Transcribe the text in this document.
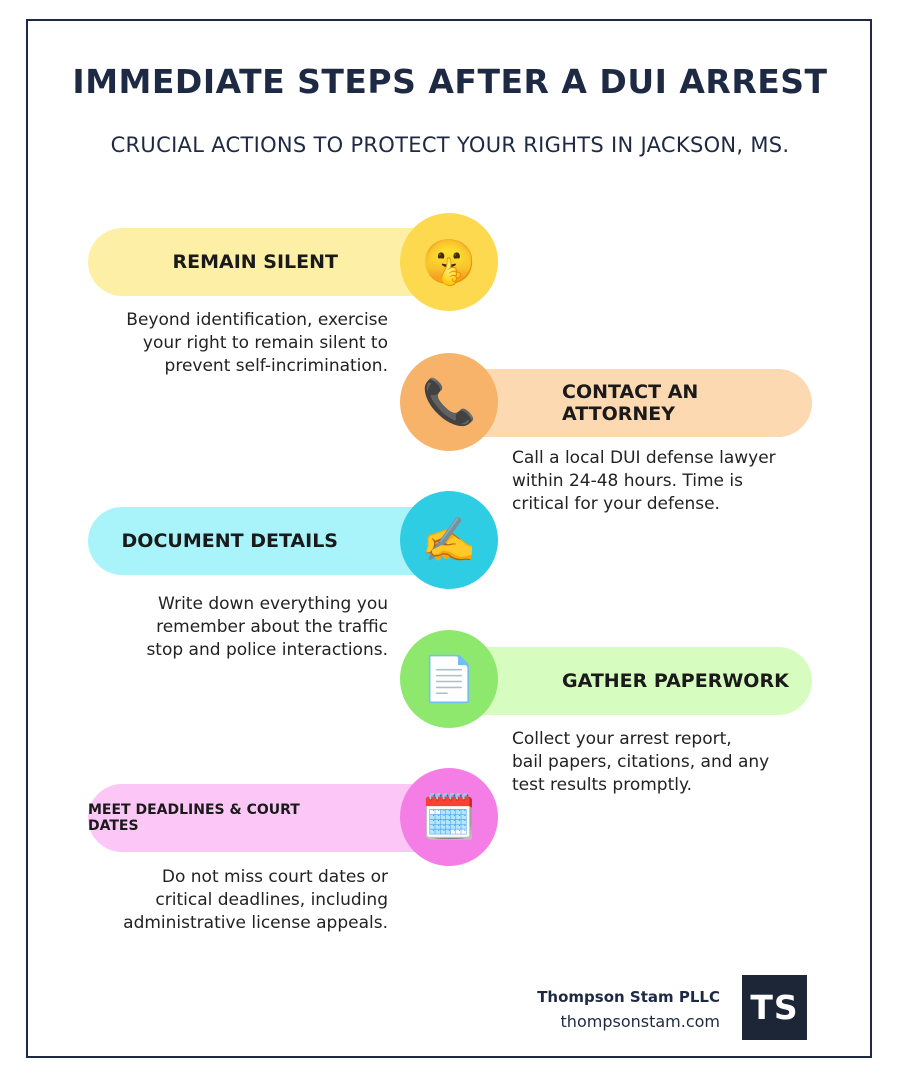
IMMEDIATE STEPS AFTER A DUI ARREST
CRUCIAL ACTIONS TO PROTECT YOUR RIGHTS IN JACKSON, MS.
REMAIN SILENT 🤫
Beyond identification, exercise
your right to remain silent to
prevent self-incrimination.
CONTACT AN ATTORNEY
📞
Call a local DUI defense lawyer
within 24-48 hours. Time is
critical for your defense.
DOCUMENT DETAILS ✍️
Write down everything you
remember about the traffic
stop and police interactions.
GATHER PAPERWORK
📄
Collect your arrest report,
bail papers, citations, and any
test results promptly.
MEET DEADLINES & COURT DATES	🗓️
Do not miss court dates or
critical deadlines, including
administrative license appeals.
Thompson Stam PLLC
thompsonstam.com TS
